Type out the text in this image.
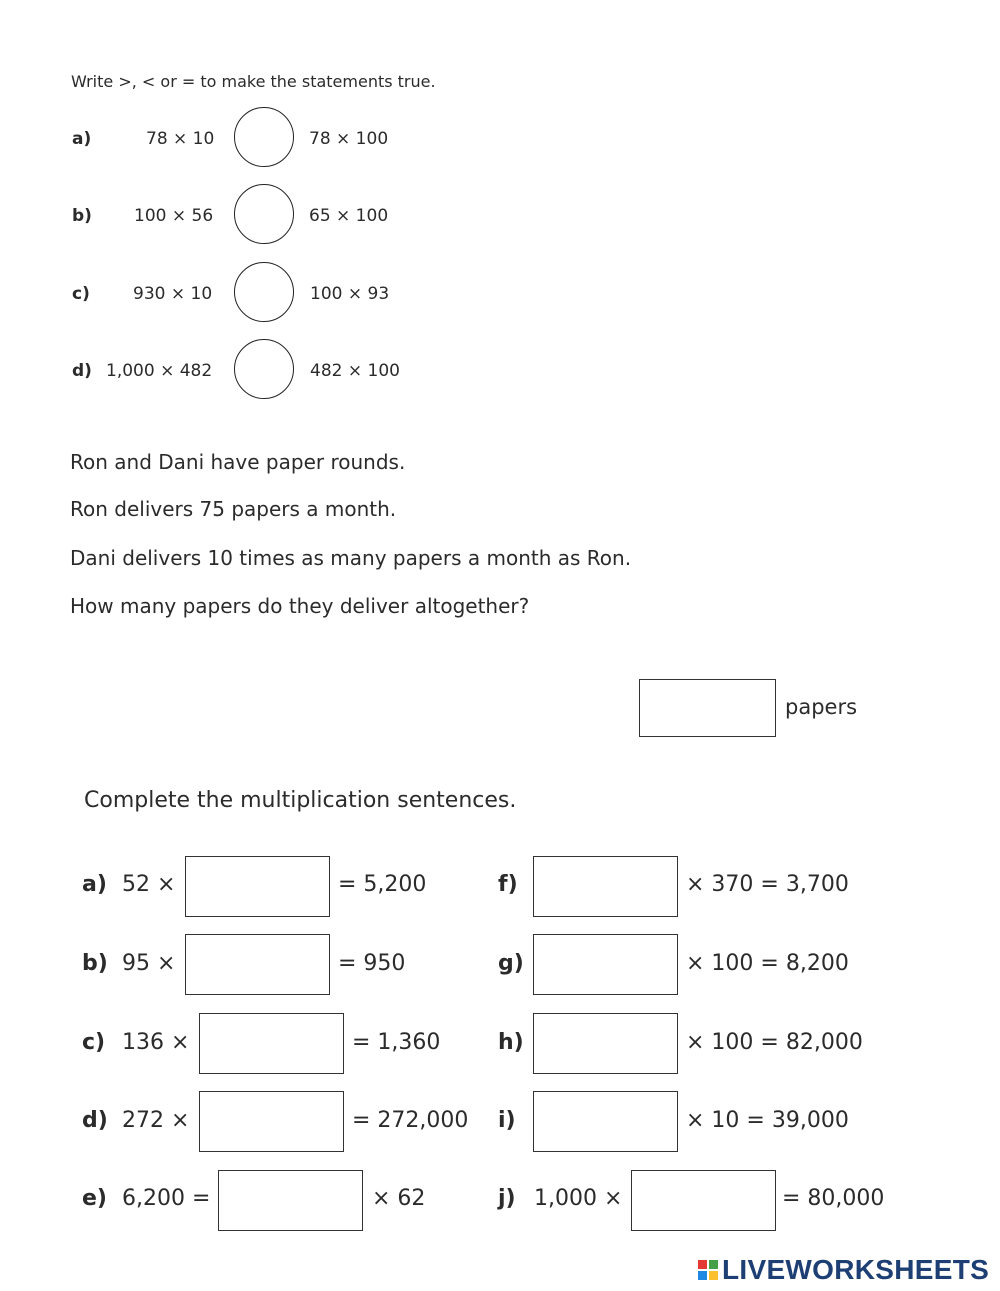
Write >, < or = to make the statements true.
a)	78 × 10	78 × 100
b) 100 × 56	65 × 100
c)	930 × 10	100 × 93
d) 1,000 × 482	482 × 100
Ron and Dani have paper rounds.
Ron delivers 75 papers a month.
Dani delivers 10 times as many papers a month as Ron.
How many papers do they deliver altogether?
papers
Complete the multiplication sentences.
a) 52 ×	= 5,200
b) 95 ×	= 950
c) 136 ×	= 1,360
d) 272 ×	= 272,000
e) 6,200 =	× 62
f)	× 370 = 3,700
g)	× 100 = 8,200
h)	× 100 = 82,000
i)	× 10 = 39,000
j) 1,000 ×	= 80,000
LIVEWORKSHEETS
